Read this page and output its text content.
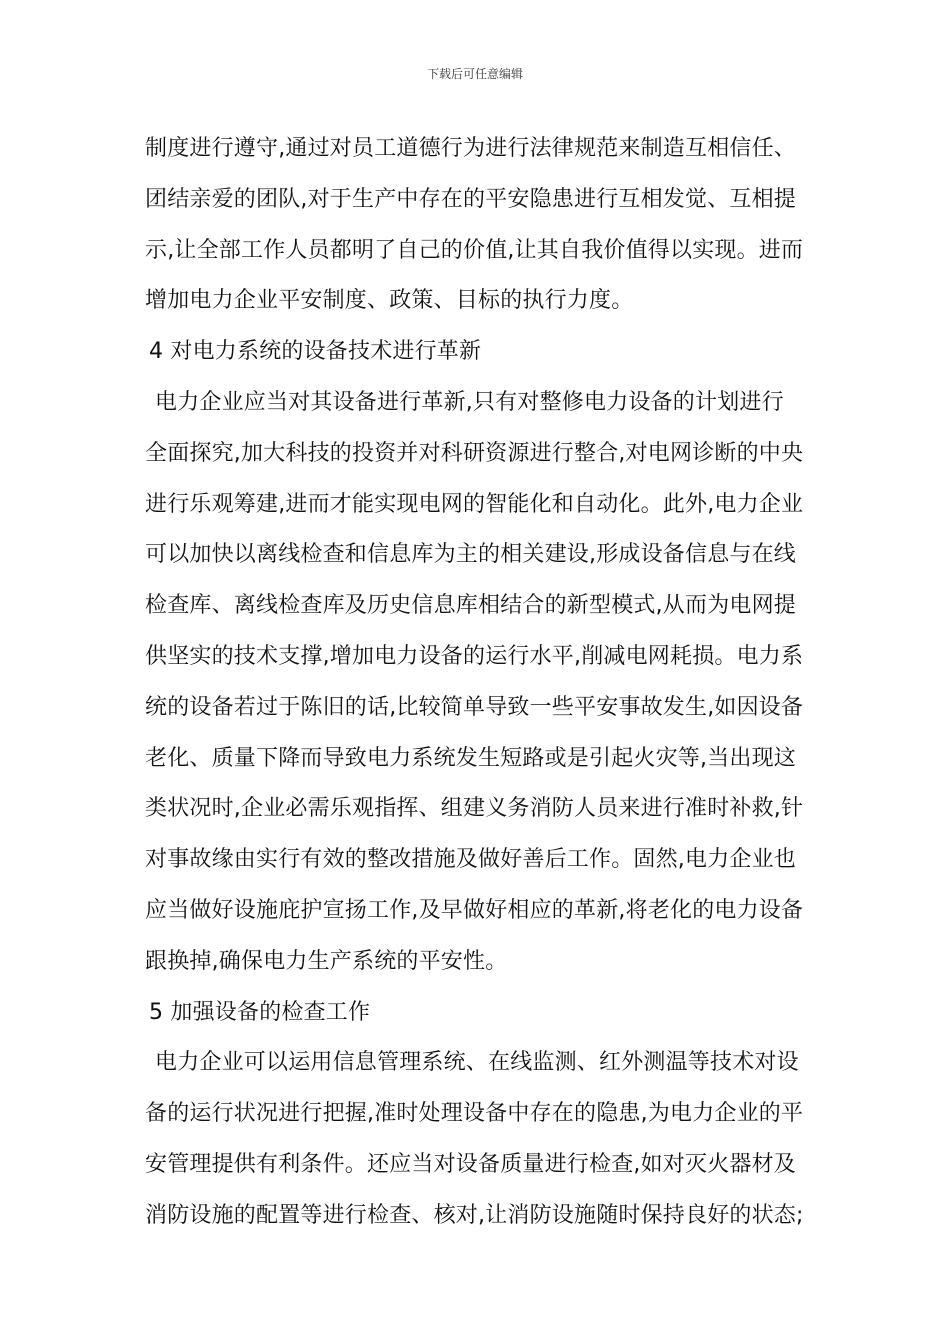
下载后可任意编辑
制度进行遵守,通过对员工道德行为进行法律规范来制造互相信任、
团结亲爱的团队,对于生产中存在的平安隐患进行互相发觉、互相提
示,让全部工作人员都明了自己的价值,让其自我价值得以实现。进而
增加电力企业平安制度、政策、目标的执行力度。
4 对电力系统的设备技术进行革新
电力企业应当对其设备进行革新,只有对整修电力设备的计划进行
全面探究,加大科技的投资并对科研资源进行整合,对电网诊断的中央
进行乐观筹建,进而才能实现电网的智能化和自动化。此外,电力企业
可以加快以离线检查和信息库为主的相关建设,形成设备信息与在线
检查库、离线检查库及历史信息库相结合的新型模式,从而为电网提
供坚实的技术支撑,增加电力设备的运行水平,削减电网耗损。电力系
统的设备若过于陈旧的话,比较简单导致一些平安事故发生,如因设备
老化、质量下降而导致电力系统发生短路或是引起火灾等,当出现这
类状况时,企业必需乐观指挥、组建义务消防人员来进行准时补救,针
对事故缘由实行有效的整改措施及做好善后工作。固然,电力企业也
应当做好设施庇护宣扬工作,及早做好相应的革新,将老化的电力设备
跟换掉,确保电力生产系统的平安性。
5 加强设备的检查工作
电力企业可以运用信息管理系统、在线监测、红外测温等技术对设
备的运行状况进行把握,准时处理设备中存在的隐患,为电力企业的平
安管理提供有利条件。还应当对设备质量进行检查,如对灭火器材及
消防设施的配置等进行检查、核对,让消防设施随时保持良好的状态;
